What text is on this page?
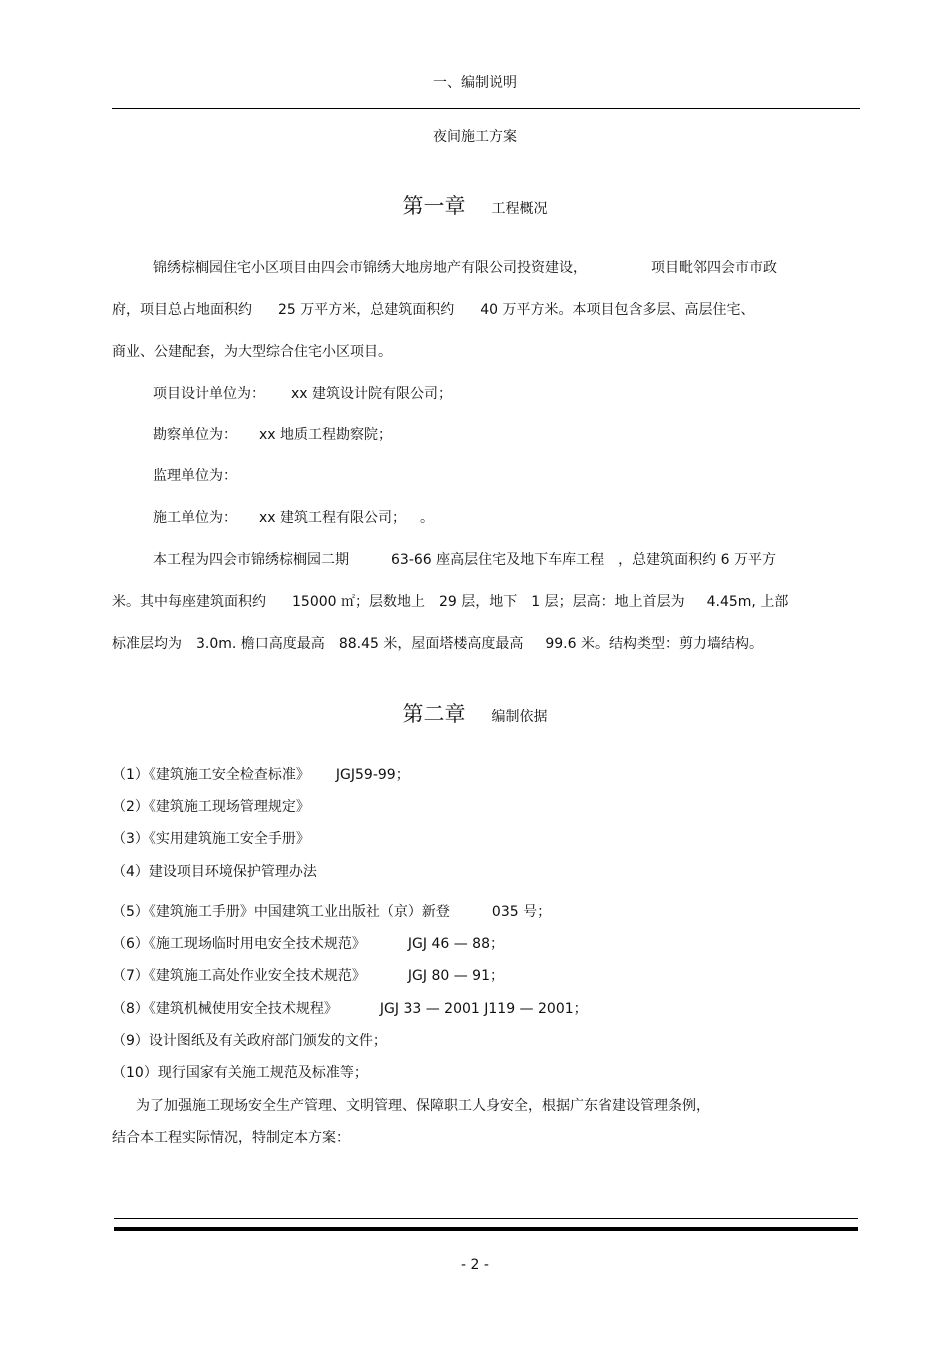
一、编制说明
夜间施工方案
第一章 工程概况
锦绣棕榈园住宅小区项目由四会市锦绣大地房地产有限公司投资建设，	项目毗邻四会市市政
府，项目总占地面积约 25 万平方米，总建筑面积约 40 万平方米。本项目包含多层、高层住宅、
商业、公建配套，为大型综合住宅小区项目。
项目设计单位为： xx 建筑设计院有限公司；
勘察单位为： xx 地质工程勘察院；
监理单位为：
施工单位为： xx 建筑工程有限公司； 。
本工程为四会市锦绣棕榈园二期	63-66 座高层住宅及地下车库工程 ，总建筑面积约 6 万平方
米。其中每座建筑面积约 15000 ㎡；层数地上 29 层，地下 1 层；层高：地上首层为 4.45m, 上部
标准层均为 3.0m. 檐口高度最高 88.45 米，屋面塔楼高度最高 99.6 米。结构类型：剪力墙结构。
第二章 编制依据
（1）《建筑施工安全检查标准》 JGJ59-99；
（2）《建筑施工现场管理规定》
（3）《实用建筑施工安全手册》
（4）建设项目环境保护管理办法
（5）《建筑施工手册》中国建筑工业出版社（京）新登	035 号；
（6）《施工现场临时用电安全技术规范》	JGJ 46 — 88；
（7）《建筑施工高处作业安全技术规范》	JGJ 80 — 91；
（8）《建筑机械使用安全技术规程》	JGJ 33 — 2001 J119 — 2001；
（9）设计图纸及有关政府部门颁发的文件；
（10）现行国家有关施工规范及标准等；
为了加强施工现场安全生产管理、文明管理、保障职工人身安全，根据广东省建设管理条例，
结合本工程实际情况，特制定本方案：
- 2 -
